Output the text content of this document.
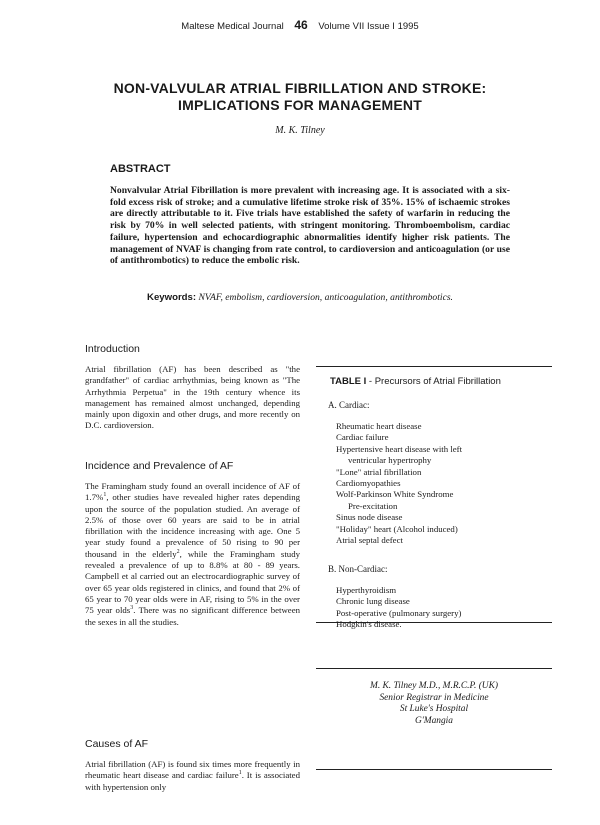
Maltese Medical Journal 46 Volume VII Issue I 1995
NON-VALVULAR ATRIAL FIBRILLATION AND STROKE:
IMPLICATIONS FOR MANAGEMENT
M. K. Tilney
ABSTRACT

Nonvalvular Atrial Fibrillation is more prevalent with increasing age. It is associated with a six-fold excess risk of stroke; and a cumulative lifetime stroke risk of 35%. 15% of ischaemic strokes are directly attributable to it. Five trials have established the safety of warfarin in reducing the risk by 70% in well selected patients, with stringent monitoring. Thromboembolism, cardiac failure, hypertension and echocardiographic abnormalities identify higher risk patients. The management of NVAF is changing from rate control, to cardioversion and anticoagulation (or use of antithrombotics) to reduce the embolic risk.

Keywords: NVAF, embolism, cardioversion, anticoagulation, antithrombotics.
Introduction

Atrial fibrillation (AF) has been described as "the grandfather" of cardiac arrhythmias, being known as "The Arrhythmia Perpetua" in the 19th century whence its management has remained almost unchanged, depending mainly upon digoxin and other drugs, and more recently on D.C. cardioversion.

Incidence and Prevalence of AF

The Framingham study found an overall incidence of AF of 1.7%$^1$, other studies have revealed higher rates depending upon the source of the population studied. An average of 2.5% of those over 60 years are said to be in atrial fibrillation with the incidence increasing with age. One 5 year study found a prevalence of 50 rising to 90 per thousand in the elderly$^2$, while the Framingham study revealed a prevalence of up to 8.8% at 80 - 89 years. Campbell et al carried out an electrocardiographic survey of over 65 year olds registered in clinics, and found that 2% of 65 year to 70 year olds were in AF, rising to 5% in the over 75 year olds$^3$. There was no significant difference between the sexes in all the studies.

Causes of AF

Atrial fibrillation (AF) is found six times more frequently in rheumatic heart disease and cardiac failure$^1$. It is associated with hypertension only

TABLE I - Precursors of Atrial Fibrillation
A. Cardiac:
Rheumatic heart disease
Cardiac failure
Hypertensive heart disease with left
ventricular hypertrophy
"Lone" atrial fibrillation
Cardiomyopathies
Wolf-Parkinson White Syndrome
Pre-excitation
Sinus node disease
"Holiday" heart (Alcohol induced)
Atrial septal defect
B. Non-Cardiac:
Hyperthyroidism
Chronic lung disease
Post-operative (pulmonary surgery)
Hodgkin's disease.
M. K. Tilney M.D., M.R.C.P. (UK)
Senior Registrar in Medicine
St Luke's Hospital
G'Mangia
